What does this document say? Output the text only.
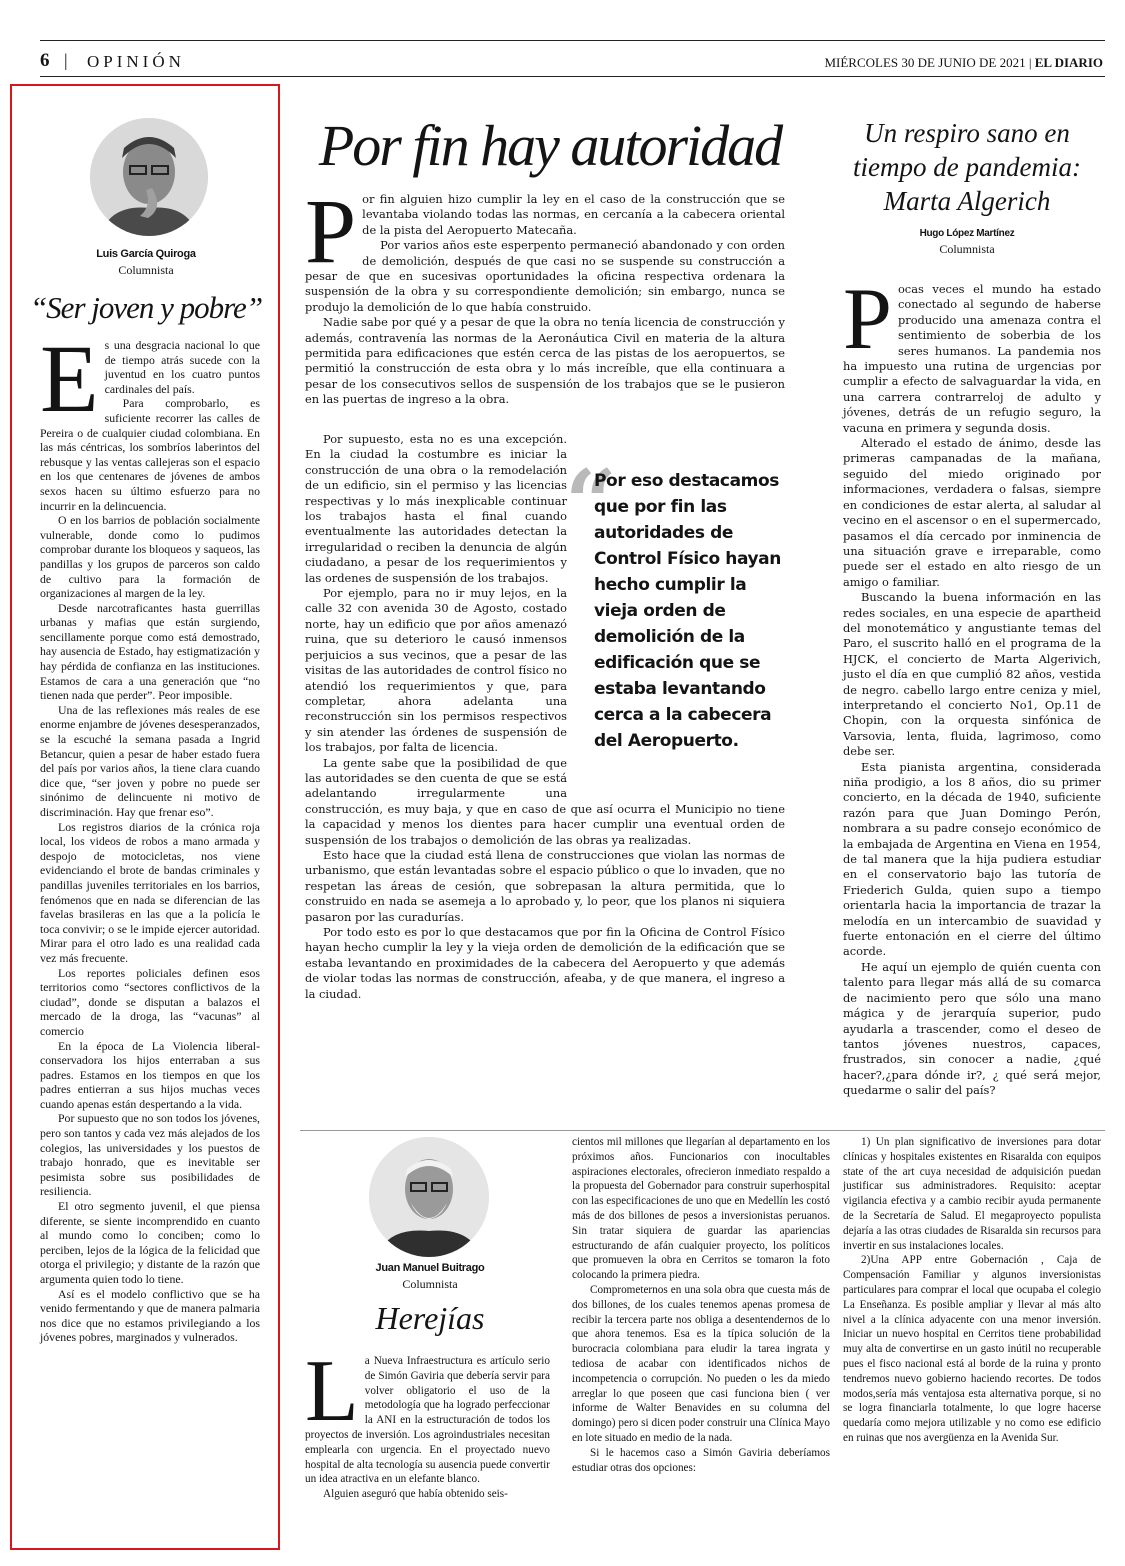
6 | OPINIÓN	MIÉRCOLES 30 DE JUNIO DE 2021 | EL DIARIO
Luis García Quiroga
Columnista
“Ser joven y pobre”

Es una desgracia nacional lo que de tiempo atrás sucede con la juventud en los cuatro puntos cardinales del país.

Para comprobarlo, es suficiente recorrer las calles de Pereira o de cualquier ciudad colombiana. En las más céntricas, los sombríos laberintos del rebusque y las ventas callejeras son el espacio en los que centenares de jóvenes de ambos sexos hacen su último esfuerzo para no incurrir en la delincuencia.

O en los barrios de población socialmente vulnerable, donde como lo pudimos comprobar durante los bloqueos y saqueos, las pandillas y los grupos de parceros son caldo de cultivo para la formación de organizaciones al margen de la ley.

Desde narcotraficantes hasta guerrillas urbanas y mafias que están surgiendo, sencillamente porque como está demostrado, hay ausencia de Estado, hay estigmatización y hay pérdida de confianza en las instituciones. Estamos de cara a una generación que “no tienen nada que perder”. Peor imposible.

Una de las reflexiones más reales de ese enorme enjambre de jóvenes desesperanzados, se la escuché la semana pasada a Ingrid Betancur, quien a pesar de haber estado fuera del país por varios años, la tiene clara cuando dice que, “ser joven y pobre no puede ser sinónimo de delincuente ni motivo de discriminación. Hay que frenar eso”.

Los registros diarios de la crónica roja local, los videos de robos a mano armada y despojo de motocicletas, nos viene evidenciando el brote de bandas criminales y pandillas juveniles territoriales en los barrios, fenómenos que en nada se diferencian de las favelas brasileras en las que a la policía le toca convivir; o se le impide ejercer autoridad. Mirar para el otro lado es una realidad cada vez más frecuente.

Los reportes policiales definen esos territorios como “sectores conflictivos de la ciudad”, donde se disputan a balazos el mercado de la droga, las “vacunas” al comercio

En la época de La Violencia liberal-conservadora los hijos enterraban a sus padres. Estamos en los tiempos en que los padres entierran a sus hijos muchas veces cuando apenas están despertando a la vida.

Por supuesto que no son todos los jóvenes, pero son tantos y cada vez más alejados de los colegios, las universidades y los puestos de trabajo honrado, que es inevitable ser pesimista sobre sus posibilidades de resiliencia.

El otro segmento juvenil, el que piensa diferente, se siente incomprendido en cuanto al mundo como lo conciben; como lo perciben, lejos de la lógica de la felicidad que otorga el privilegio; y distante de la razón que argumenta quien todo lo tiene.

Así es el modelo conflictivo que se ha venido fermentando y que de manera palmaria nos dice que no estamos privilegiando a los jóvenes pobres, marginados y vulnerados.

Por fin hay autoridad

Por fin alguien hizo cumplir la ley en el caso de la construcción que se levantaba violando todas las normas, en cercanía a la cabecera oriental de la pista del Aeropuerto Matecaña.

Por varios años este esperpento permaneció abandonado y con orden de demolición, después de que casi no se suspende su construcción a pesar de que en sucesivas oportunidades la oficina respectiva ordenara la suspensión de la obra y su correspondiente demolición; sin embargo, nunca se produjo la demolición de lo que había construido.

Nadie sabe por qué y a pesar de que la obra no tenía licencia de construcción y además, contravenía las normas de la Aeronáutica Civil en materia de la altura permitida para edificaciones que estén cerca de las pistas de los aeropuertos, se permitió la construcción de esta obra y lo más increíble, que ella continuara a pesar de los consecutivos sellos de suspensión de los trabajos que se le pusieron en las puertas de ingreso a la obra.

Por supuesto, esta no es una excepción. En la ciudad la costumbre es iniciar la construcción de una obra o la remodelación de un edificio, sin el permiso y las licencias respectivas y lo más inexplicable continuar los trabajos hasta el final cuando eventualmente las autoridades detectan la irregularidad o reciben la denuncia de algún ciudadano, a pesar de los requerimientos y las ordenes de suspensión de los trabajos.

Por ejemplo, para no ir muy lejos, en la calle 32 con avenida 30 de Agosto, costado norte, hay un edificio que por años amenazó ruina, que su deterioro le causó inmensos perjuicios a sus vecinos, que a pesar de las visitas de las autoridades de control físico no atendió los requerimientos y que, para completar, ahora adelanta una reconstrucción sin los permisos respectivos y sin atender las órdenes de suspensión de los trabajos, por falta de licencia.

La gente sabe que la posibilidad de que las autoridades se den cuenta de que se está adelantando irregularmente una construcción, es muy baja, y que en caso de que así ocurra el Municipio no tiene la capacidad y menos los dientes para hacer cumplir una eventual orden de suspensión de los trabajos o demolición de las obras ya realizadas.

Esto hace que la ciudad está llena de construcciones que violan las normas de urbanismo, que están levantadas sobre el espacio público o que lo invaden, que no respetan las áreas de cesión, que sobrepasan la altura permitida, que lo construido en nada se asemeja a lo aprobado y, lo peor, que los planos ni siquiera pasaron por las curadurías.

Por todo esto es por lo que destacamos que por fin la Oficina de Control Físico hayan hecho cumplir la ley y la vieja orden de demolición de la edificación que se estaba levantando en proximidades de la cabecera del Aeropuerto y que además de violar todas las normas de construcción, afeaba, y de que manera, el ingreso a la ciudad.

“
Por eso destacamos que por fin las autoridades de Control Físico hayan hecho cumplir la vieja orden de demolición de la edificación que se estaba levantando cerca a la cabecera del Aeropuerto.
Un respiro sano en tiempo de pandemia: Marta Algerich
Hugo López Martínez
Columnista

Pocas veces el mundo ha estado conectado al segundo de haberse producido una amenaza contra el sentimiento de soberbia de los seres humanos. La pandemia nos ha impuesto una rutina de urgencias por cumplir a efecto de salvaguardar la vida, en una carrera contrarreloj de adulto y jóvenes, detrás de un refugio seguro, la vacuna en primera y segunda dosis.

Alterado el estado de ánimo, desde las primeras campanadas de la mañana, seguido del miedo originado por informaciones, verdadera o falsas, siempre en condiciones de estar alerta, al saludar al vecino en el ascensor o en el supermercado, pasamos el día cercado por inminencia de una situación grave e irreparable, como puede ser el estado en alto riesgo de un amigo o familiar.

Buscando la buena información en las redes sociales, en una especie de apartheid del monotemático y angustiante temas del Paro, el suscrito halló en el programa de la HJCK, el concierto de Marta Algerivich, justo el día en que cumplió 82 años, vestida de negro. cabello largo entre ceniza y miel, interpretando el concierto No1, Op.11 de Chopin, con la orquesta sinfónica de Varsovia, lenta, fluida, lagrimoso, como debe ser.

Esta pianista argentina, considerada niña prodigio, a los 8 años, dio su primer concierto, en la década de 1940, suficiente razón para que Juan Domingo Perón, nombrara a su padre consejo económico de la embajada de Argentina en Viena en 1954, de tal manera que la hija pudiera estudiar en el conservatorio bajo las tutoría de Friederich Gulda, quien supo a tiempo orientarla hacia la importancia de trazar la melodía en un intercambio de suavidad y fuerte entonación en el cierre del último acorde.

He aquí un ejemplo de quién cuenta con talento para llegar más allá de su comarca de nacimiento pero que sólo una mano mágica y de jerarquía superior, pudo ayudarla a trascender, como el deseo de tantos jóvenes nuestros, capaces, frustrados, sin conocer a nadie, ¿qué hacer?,¿para dónde ir?, ¿ qué será mejor, quedarme o salir del país?

Juan Manuel Buitrago
Columnista
Herejías

La Nueva Infraestructura es artículo serio de Simón Gaviria que debería servir para volver obligatorio el uso de la metodología que ha logrado perfeccionar la ANI en la estructuración de todos los proyectos de inversión. Los agroindustriales necesitan emplearla con urgencia. En el proyectado nuevo hospital de alta tecnología su ausencia puede convertir un idea atractiva en un elefante blanco.

Alguien aseguró que había obtenido seis-

cientos mil millones que llegarían al departamento en los próximos años. Funcionarios con inocultables aspiraciones electorales, ofrecieron inmediato respaldo a la propuesta del Gobernador para construir superhospital con las especificaciones de uno que en Medellín les costó más de dos billones de pesos a inversionistas peruanos. Sin tratar siquiera de guardar las apariencias estructurando de afán cualquier proyecto, los políticos que promueven la obra en Cerritos se tomaron la foto colocando la primera piedra.

Comprometernos en una sola obra que cuesta más de dos billones, de los cuales tenemos apenas promesa de recibir la tercera parte nos obliga a desentendernos de lo que ahora tenemos. Esa es la típica solución de la burocracia colombiana para eludir la tarea ingrata y tediosa de acabar con identificados nichos de incompetencia o corrupción. No pueden o les da miedo arreglar lo que poseen que casi funciona bien ( ver informe de Walter Benavides en su columna del domingo) pero si dicen poder construir una Clínica Mayo en lote situado en medio de la nada.

Si le hacemos caso a Simón Gaviria deberíamos estudiar otras dos opciones:

1) Un plan significativo de inversiones para dotar clínicas y hospitales existentes en Risaralda con equipos state of the art cuya necesidad de adquisición puedan justificar sus administradores. Requisito: aceptar vigilancia efectiva y a cambio recibir ayuda permanente de la Secretaría de Salud. El megaproyecto populista dejaría a las otras ciudades de Risaralda sin recursos para invertir en sus instalaciones locales.

2)Una APP entre Gobernación , Caja de Compensación Familiar y algunos inversionistas particulares para comprar el local que ocupaba el colegio La Enseñanza. Es posible ampliar y llevar al más alto nivel a la clínica adyacente con una menor inversión. Iniciar un nuevo hospital en Cerritos tiene probabilidad muy alta de convertirse en un gasto inútil no recuperable pues el fisco nacional está al borde de la ruina y pronto tendremos nuevo gobierno haciendo recortes. De todos modos,sería más ventajosa esta alternativa porque, si no se logra financiarla totalmente, lo que logre hacerse quedaría como mejora utilizable y no como ese edificio en ruinas que nos avergüenza en la Avenida Sur.
